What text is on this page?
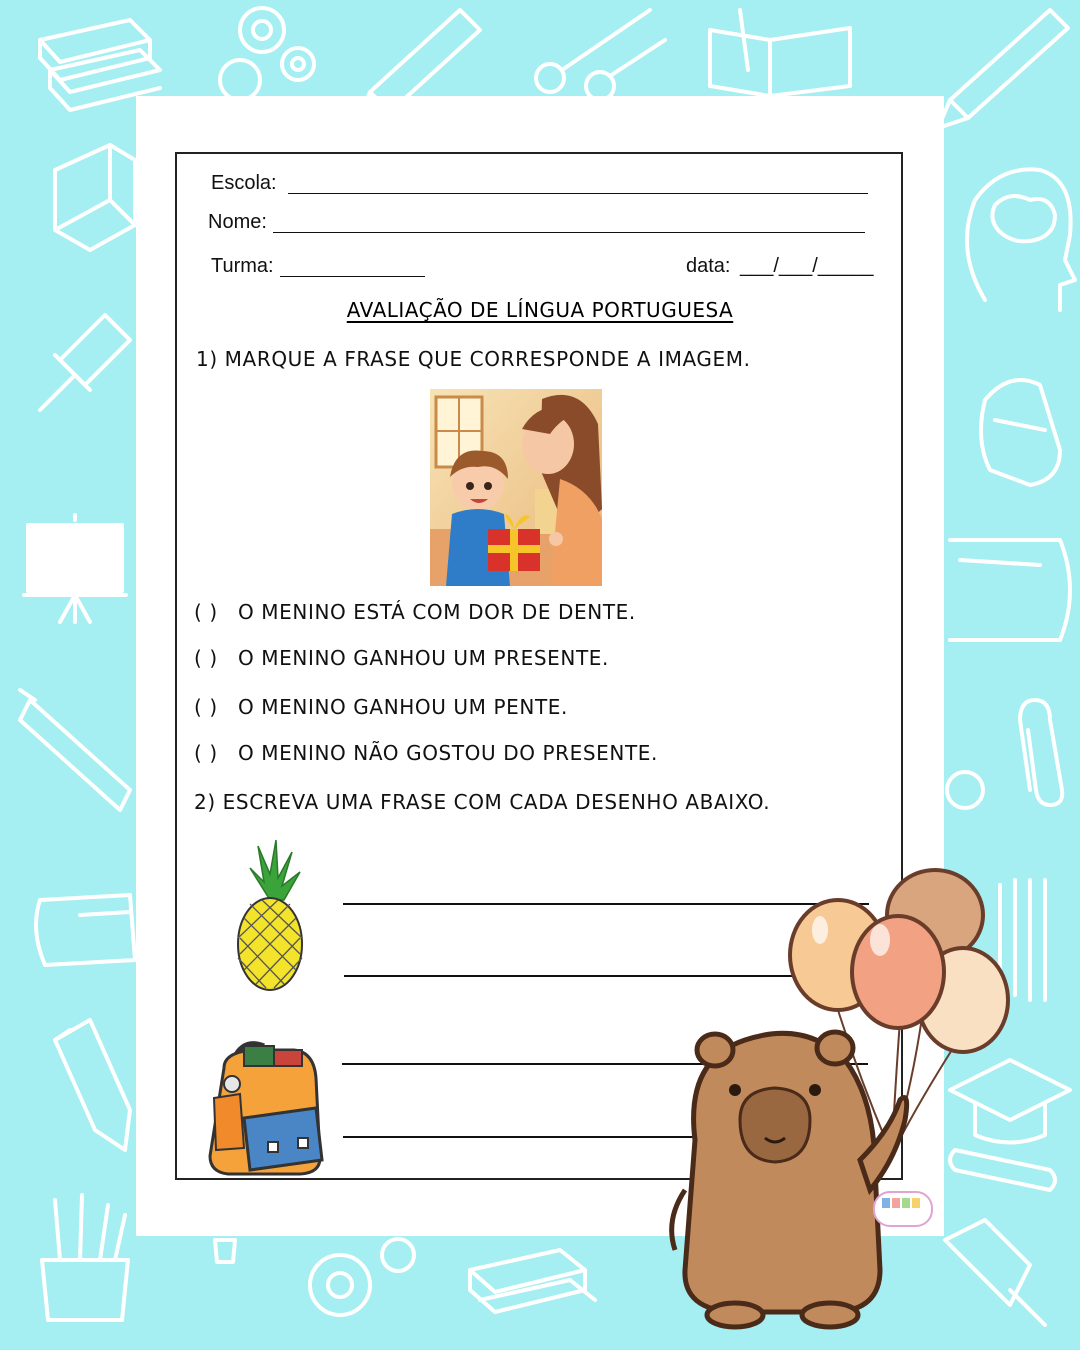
Escola:
Nome:
Turma:	data: ___/___/_____
AVALIAÇÃO DE LÍNGUA PORTUGUESA
1) MARQUE A FRASE QUE CORRESPONDE A IMAGEM.
( ) O MENINO ESTÁ COM DOR DE DENTE.
( ) O MENINO GANHOU UM PRESENTE.
( ) O MENINO GANHOU UM PENTE.
( ) O MENINO NÃO GOSTOU DO PRESENTE.
2) ESCREVA UMA FRASE COM CADA DESENHO ABAIXO.
